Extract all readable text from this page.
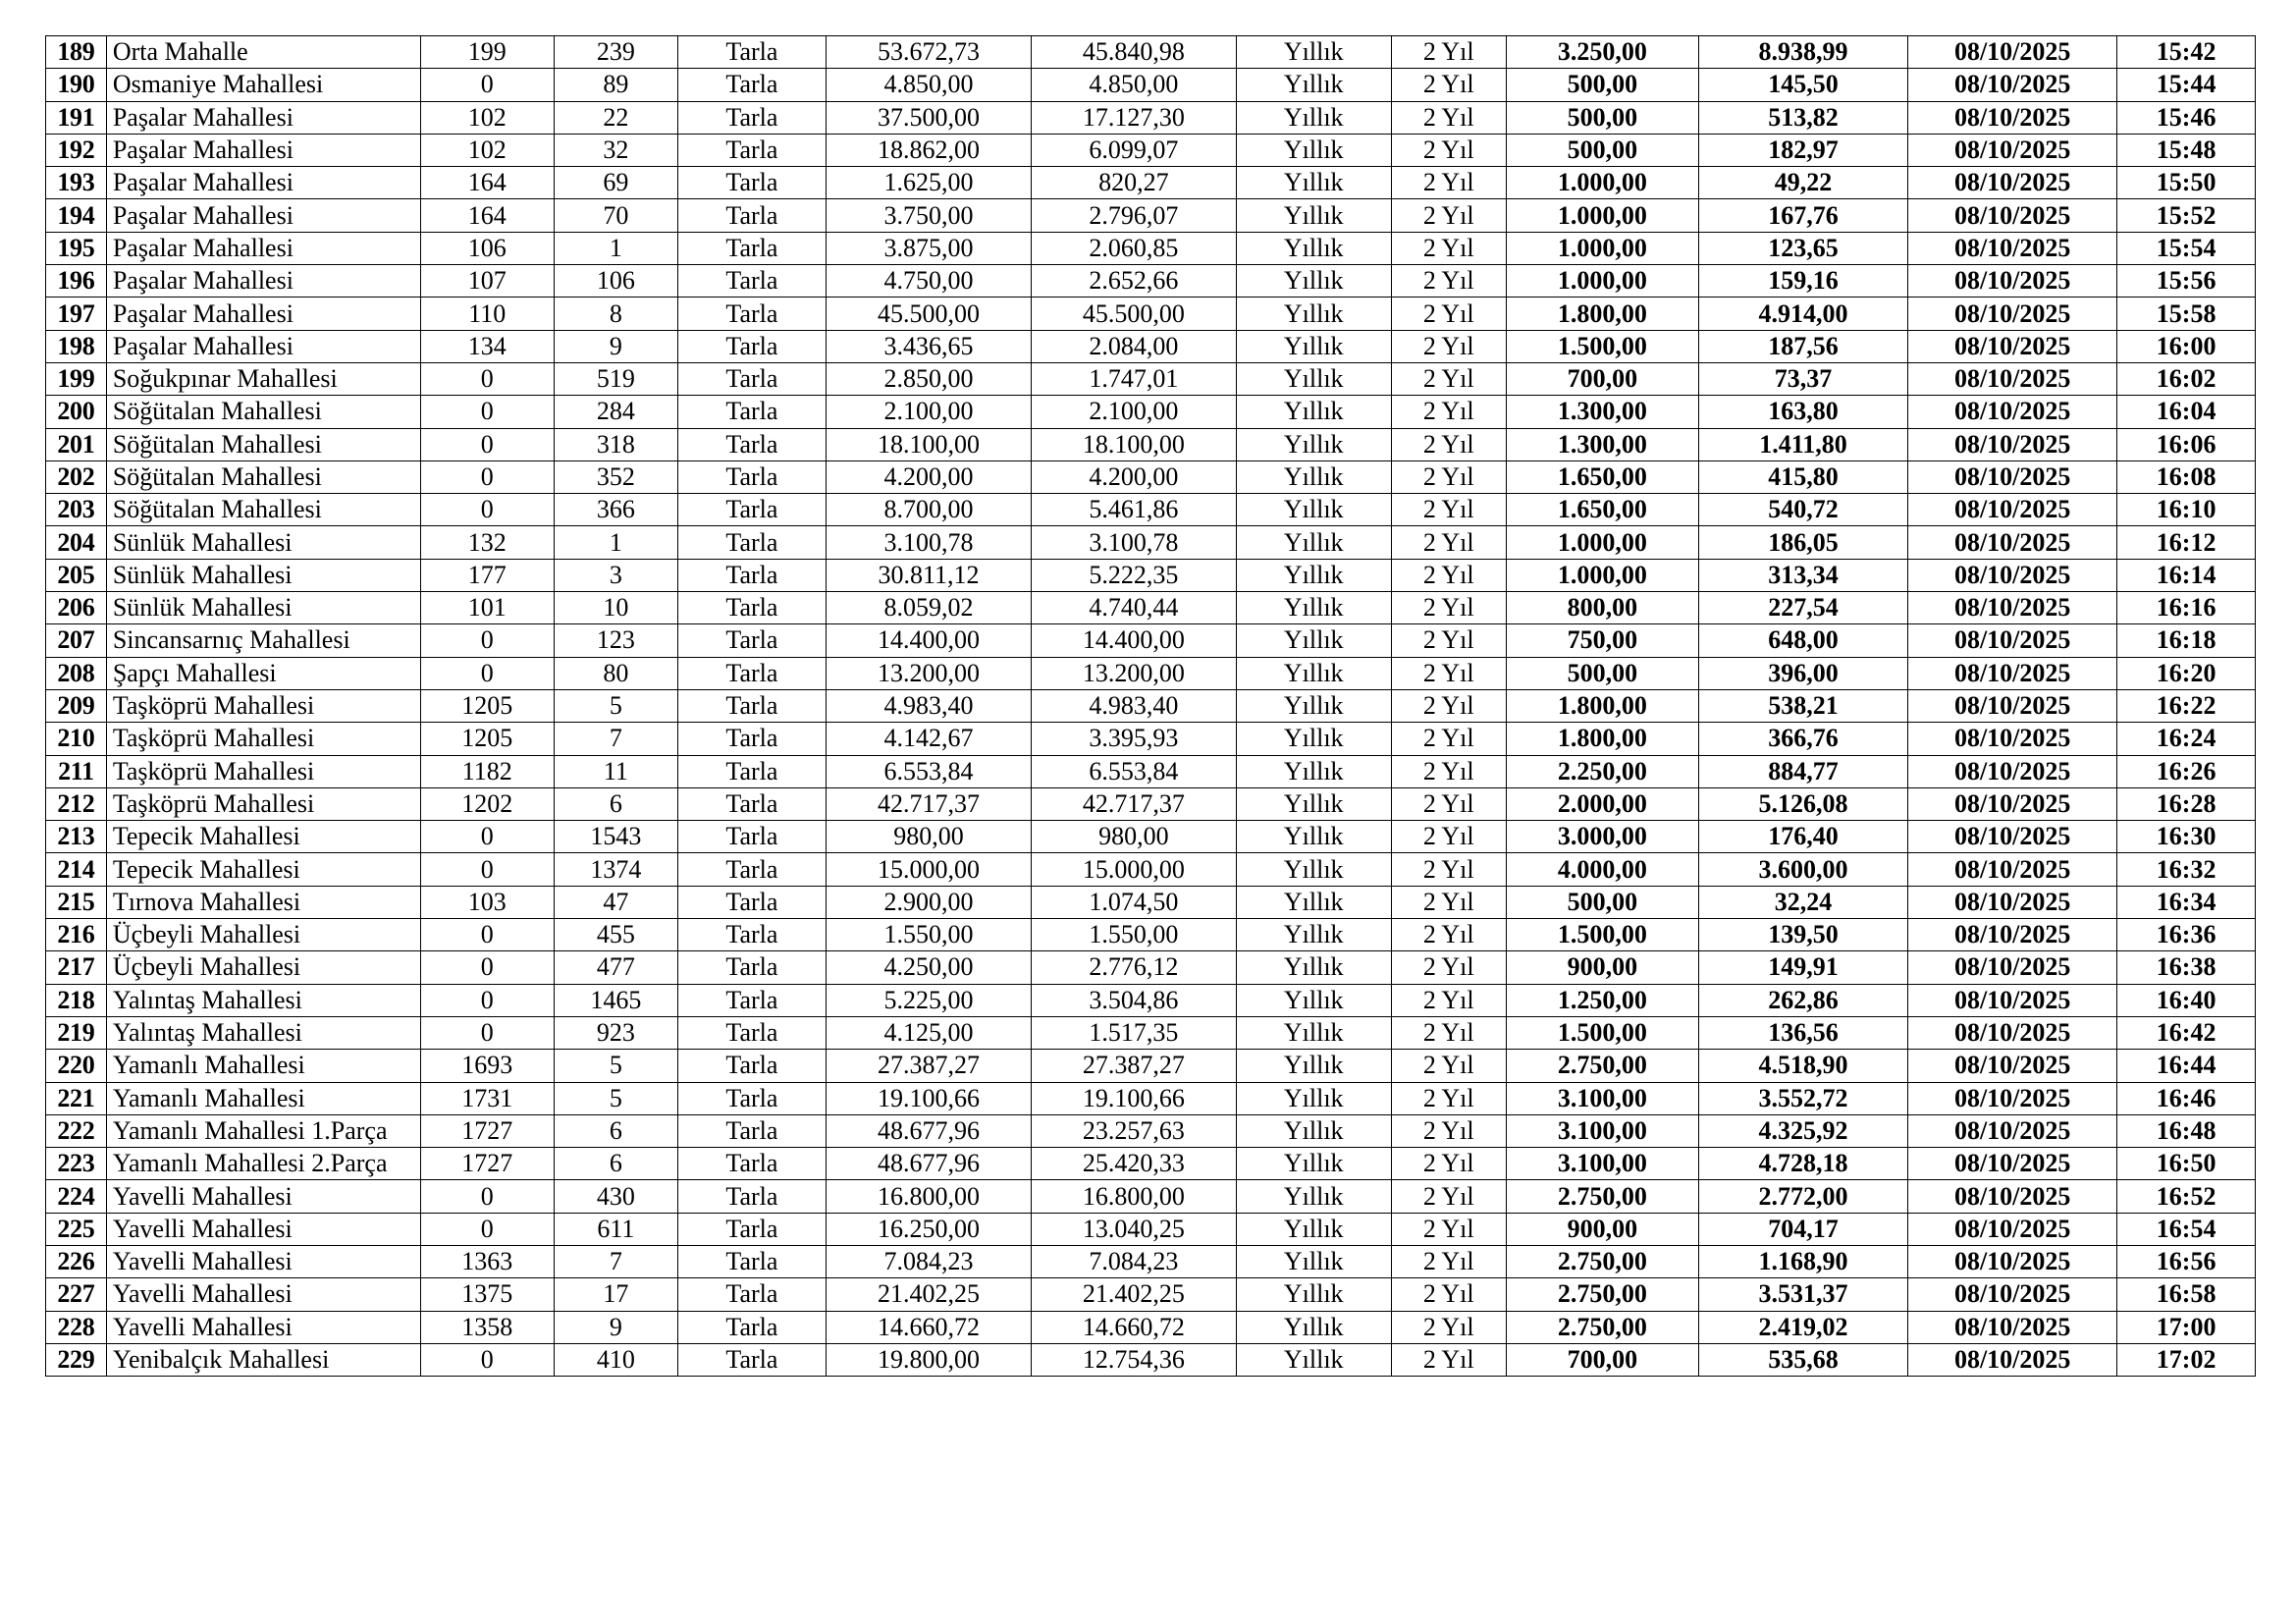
189	Orta Mahalle	199	239	Tarla	53.672,73	45.840,98	Yıllık	2 Yıl	3.250,00	8.938,99	08/10/2025	15:42
190	Osmaniye Mahallesi	0	89	Tarla	4.850,00	4.850,00	Yıllık	2 Yıl	500,00	145,50	08/10/2025	15:44
191	Paşalar Mahallesi	102	22	Tarla	37.500,00	17.127,30	Yıllık	2 Yıl	500,00	513,82	08/10/2025	15:46
192	Paşalar Mahallesi	102	32	Tarla	18.862,00	6.099,07	Yıllık	2 Yıl	500,00	182,97	08/10/2025	15:48
193	Paşalar Mahallesi	164	69	Tarla	1.625,00	820,27	Yıllık	2 Yıl	1.000,00	49,22	08/10/2025	15:50
194	Paşalar Mahallesi	164	70	Tarla	3.750,00	2.796,07	Yıllık	2 Yıl	1.000,00	167,76	08/10/2025	15:52
195	Paşalar Mahallesi	106	1	Tarla	3.875,00	2.060,85	Yıllık	2 Yıl	1.000,00	123,65	08/10/2025	15:54
196	Paşalar Mahallesi	107	106	Tarla	4.750,00	2.652,66	Yıllık	2 Yıl	1.000,00	159,16	08/10/2025	15:56
197	Paşalar Mahallesi	110	8	Tarla	45.500,00	45.500,00	Yıllık	2 Yıl	1.800,00	4.914,00	08/10/2025	15:58
198	Paşalar Mahallesi	134	9	Tarla	3.436,65	2.084,00	Yıllık	2 Yıl	1.500,00	187,56	08/10/2025	16:00
199	Soğukpınar Mahallesi	0	519	Tarla	2.850,00	1.747,01	Yıllık	2 Yıl	700,00	73,37	08/10/2025	16:02
200	Söğütalan Mahallesi	0	284	Tarla	2.100,00	2.100,00	Yıllık	2 Yıl	1.300,00	163,80	08/10/2025	16:04
201	Söğütalan Mahallesi	0	318	Tarla	18.100,00	18.100,00	Yıllık	2 Yıl	1.300,00	1.411,80	08/10/2025	16:06
202	Söğütalan Mahallesi	0	352	Tarla	4.200,00	4.200,00	Yıllık	2 Yıl	1.650,00	415,80	08/10/2025	16:08
203	Söğütalan Mahallesi	0	366	Tarla	8.700,00	5.461,86	Yıllık	2 Yıl	1.650,00	540,72	08/10/2025	16:10
204	Sünlük Mahallesi	132	1	Tarla	3.100,78	3.100,78	Yıllık	2 Yıl	1.000,00	186,05	08/10/2025	16:12
205	Sünlük Mahallesi	177	3	Tarla	30.811,12	5.222,35	Yıllık	2 Yıl	1.000,00	313,34	08/10/2025	16:14
206	Sünlük Mahallesi	101	10	Tarla	8.059,02	4.740,44	Yıllık	2 Yıl	800,00	227,54	08/10/2025	16:16
207	Sincansarnıç Mahallesi	0	123	Tarla	14.400,00	14.400,00	Yıllık	2 Yıl	750,00	648,00	08/10/2025	16:18
208	Şapçı Mahallesi	0	80	Tarla	13.200,00	13.200,00	Yıllık	2 Yıl	500,00	396,00	08/10/2025	16:20
209	Taşköprü Mahallesi	1205	5	Tarla	4.983,40	4.983,40	Yıllık	2 Yıl	1.800,00	538,21	08/10/2025	16:22
210	Taşköprü Mahallesi	1205	7	Tarla	4.142,67	3.395,93	Yıllık	2 Yıl	1.800,00	366,76	08/10/2025	16:24
211	Taşköprü Mahallesi	1182	11	Tarla	6.553,84	6.553,84	Yıllık	2 Yıl	2.250,00	884,77	08/10/2025	16:26
212	Taşköprü Mahallesi	1202	6	Tarla	42.717,37	42.717,37	Yıllık	2 Yıl	2.000,00	5.126,08	08/10/2025	16:28
213	Tepecik Mahallesi	0	1543	Tarla	980,00	980,00	Yıllık	2 Yıl	3.000,00	176,40	08/10/2025	16:30
214	Tepecik Mahallesi	0	1374	Tarla	15.000,00	15.000,00	Yıllık	2 Yıl	4.000,00	3.600,00	08/10/2025	16:32
215	Tırnova Mahallesi	103	47	Tarla	2.900,00	1.074,50	Yıllık	2 Yıl	500,00	32,24	08/10/2025	16:34
216	Üçbeyli Mahallesi	0	455	Tarla	1.550,00	1.550,00	Yıllık	2 Yıl	1.500,00	139,50	08/10/2025	16:36
217	Üçbeyli Mahallesi	0	477	Tarla	4.250,00	2.776,12	Yıllık	2 Yıl	900,00	149,91	08/10/2025	16:38
218	Yalıntaş Mahallesi	0	1465	Tarla	5.225,00	3.504,86	Yıllık	2 Yıl	1.250,00	262,86	08/10/2025	16:40
219	Yalıntaş Mahallesi	0	923	Tarla	4.125,00	1.517,35	Yıllık	2 Yıl	1.500,00	136,56	08/10/2025	16:42
220	Yamanlı Mahallesi	1693	5	Tarla	27.387,27	27.387,27	Yıllık	2 Yıl	2.750,00	4.518,90	08/10/2025	16:44
221	Yamanlı Mahallesi	1731	5	Tarla	19.100,66	19.100,66	Yıllık	2 Yıl	3.100,00	3.552,72	08/10/2025	16:46
222	Yamanlı Mahallesi 1.Parça	1727	6	Tarla	48.677,96	23.257,63	Yıllık	2 Yıl	3.100,00	4.325,92	08/10/2025	16:48
223	Yamanlı Mahallesi 2.Parça	1727	6	Tarla	48.677,96	25.420,33	Yıllık	2 Yıl	3.100,00	4.728,18	08/10/2025	16:50
224	Yavelli Mahallesi	0	430	Tarla	16.800,00	16.800,00	Yıllık	2 Yıl	2.750,00	2.772,00	08/10/2025	16:52
225	Yavelli Mahallesi	0	611	Tarla	16.250,00	13.040,25	Yıllık	2 Yıl	900,00	704,17	08/10/2025	16:54
226	Yavelli Mahallesi	1363	7	Tarla	7.084,23	7.084,23	Yıllık	2 Yıl	2.750,00	1.168,90	08/10/2025	16:56
227	Yavelli Mahallesi	1375	17	Tarla	21.402,25	21.402,25	Yıllık	2 Yıl	2.750,00	3.531,37	08/10/2025	16:58
228	Yavelli Mahallesi	1358	9	Tarla	14.660,72	14.660,72	Yıllık	2 Yıl	2.750,00	2.419,02	08/10/2025	17:00
229	Yenibalçık Mahallesi	0	410	Tarla	19.800,00	12.754,36	Yıllık	2 Yıl	700,00	535,68	08/10/2025	17:02
